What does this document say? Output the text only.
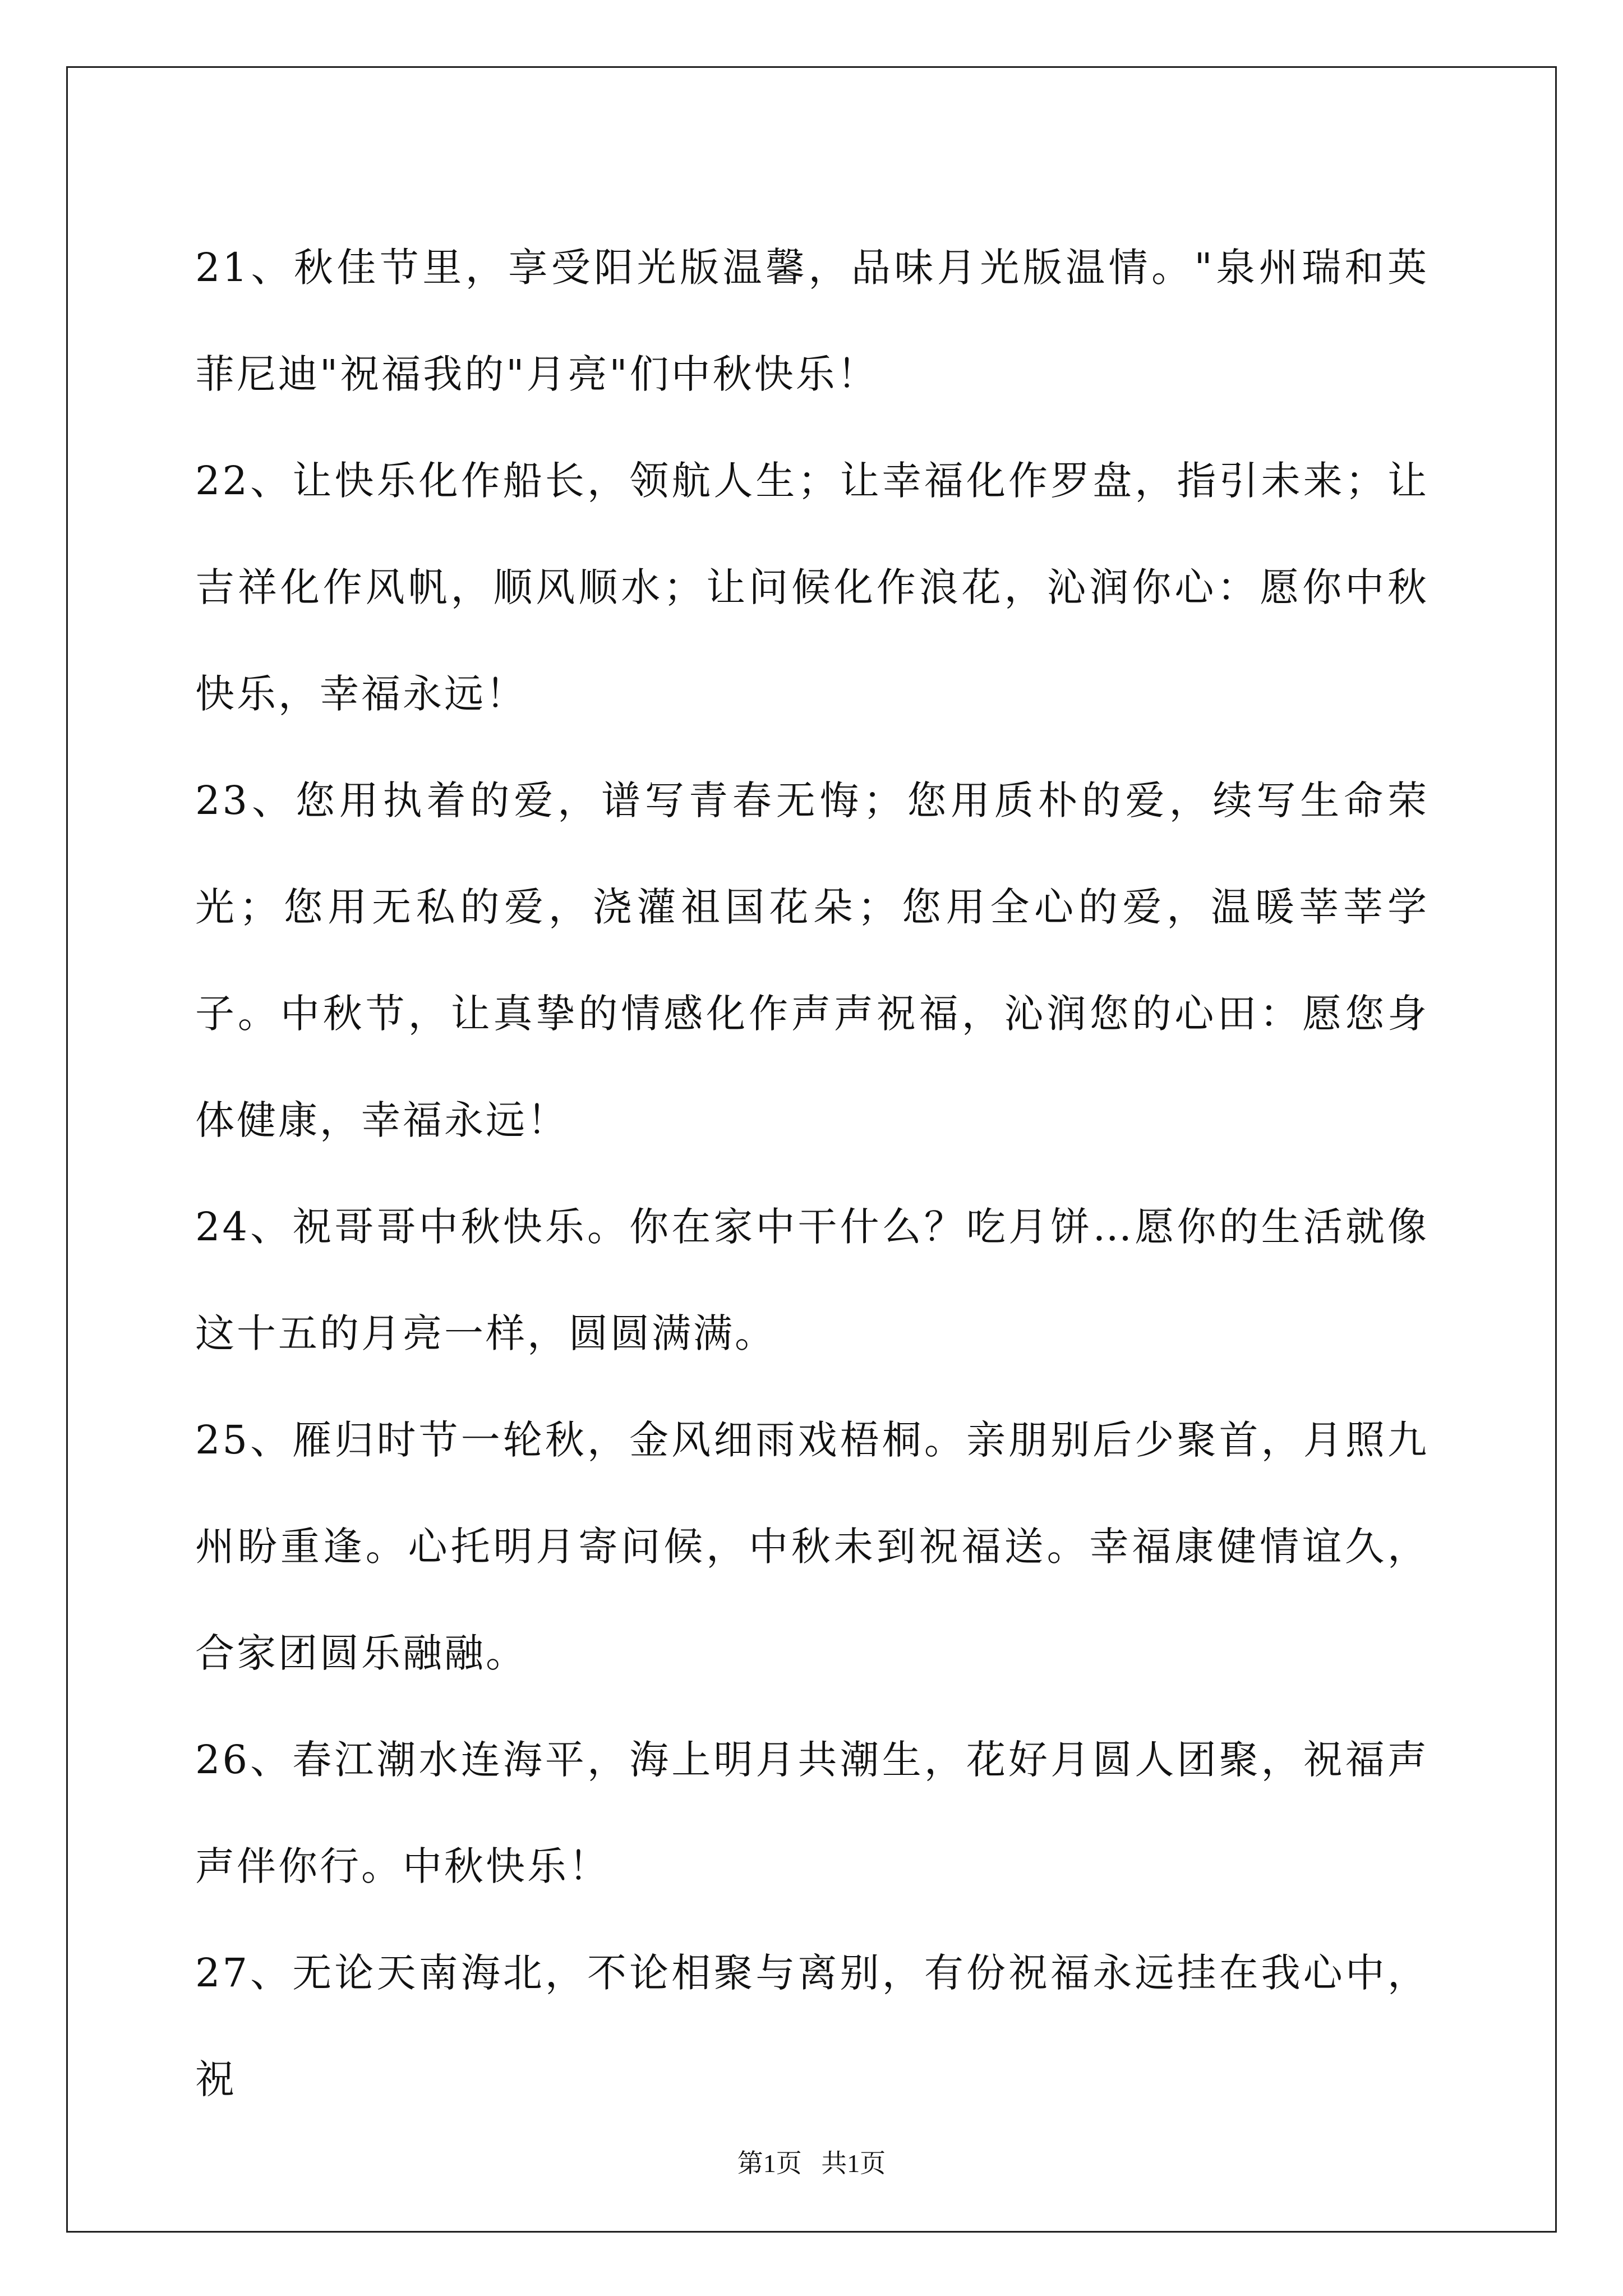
21、秋佳节里，享受阳光版温馨，品味月光版温情。"泉州瑞和英菲尼迪"祝福我的"月亮"们中秋快乐！

22、让快乐化作船长，领航人生；让幸福化作罗盘，指引未来；让吉祥化作风帆，顺风顺水；让问候化作浪花，沁润你心：愿你中秋快乐，幸福永远！

23、您用执着的爱，谱写青春无悔；您用质朴的爱，续写生命荣光；您用无私的爱，浇灌祖国花朵；您用全心的爱，温暖莘莘学子。中秋节，让真挚的情感化作声声祝福，沁润您的心田：愿您身体健康，幸福永远！

24、祝哥哥中秋快乐。你在家中干什么？吃月饼…愿你的生活就像这十五的月亮一样，圆圆满满。

25、雁归时节一轮秋，金风细雨戏梧桐。亲朋别后少聚首，月照九州盼重逢。心托明月寄问候，中秋未到祝福送。幸福康健情谊久，合家团圆乐融融。

26、春江潮水连海平，海上明月共潮生，花好月圆人团聚，祝福声声伴你行。中秋快乐！

27、无论天南海北，不论相聚与离别，有份祝福永远挂在我心中，祝

第1页   共1页
